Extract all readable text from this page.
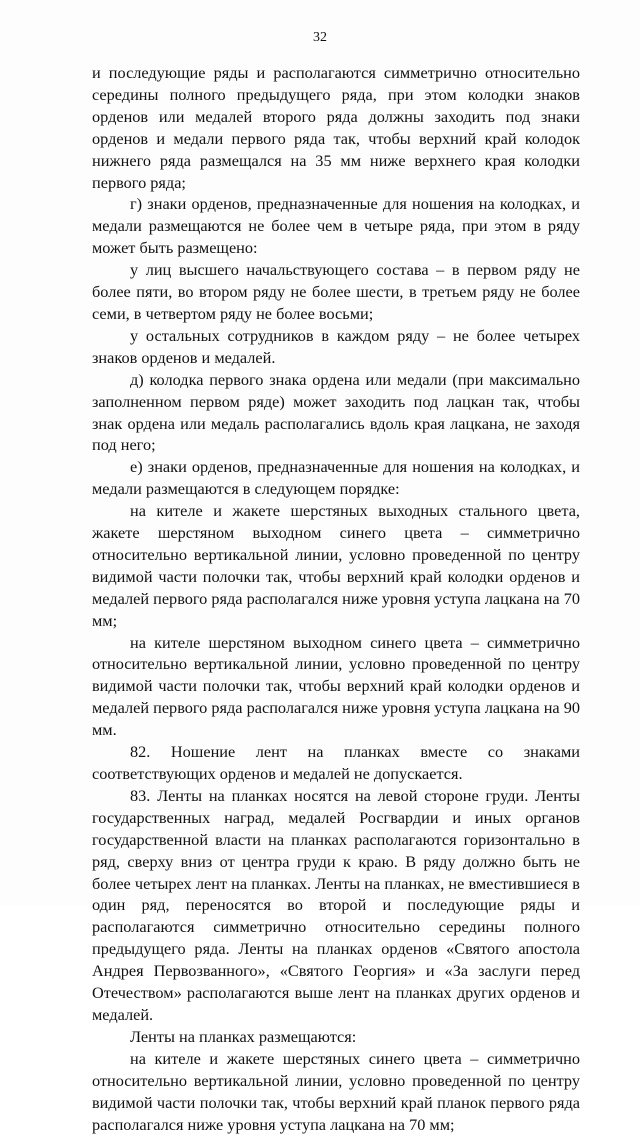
32

и последующие ряды и располагаются симметрично относительно середины полного предыдущего ряда, при этом колодки знаков орденов или медалей второго ряда должны заходить под знаки орденов и медали первого ряда так, чтобы верхний край колодок нижнего ряда размещался на 35 мм ниже верхнего края колодки первого ряда;

г) знаки орденов, предназначенные для ношения на колодках, и медали размещаются не более чем в четыре ряда, при этом в ряду может быть размещено:

у лиц высшего начальствующего состава – в первом ряду не более пяти, во втором ряду не более шести, в третьем ряду не более семи, в четвертом ряду не более восьми;

у остальных сотрудников в каждом ряду – не более четырех знаков орденов и медалей.

д) колодка первого знака ордена или медали (при максимально заполненном первом ряде) может заходить под лацкан так, чтобы знак ордена или медаль располагались вдоль края лацкана, не заходя под него;

е) знаки орденов, предназначенные для ношения на колодках, и медали размещаются в следующем порядке:

на кителе и жакете шерстяных выходных стального цвета, жакете шерстяном выходном синего цвета – симметрично относительно вертикальной линии, условно проведенной по центру видимой части полочки так, чтобы верхний край колодки орденов и медалей первого ряда располагался ниже уровня уступа лацкана на 70 мм;

на кителе шерстяном выходном синего цвета – симметрично относительно вертикальной линии, условно проведенной по центру видимой части полочки так, чтобы верхний край колодки орденов и медалей первого ряда располагался ниже уровня уступа лацкана на 90 мм.

82. Ношение лент на планках вместе со знаками соответствующих орденов и медалей не допускается.

83. Ленты на планках носятся на левой стороне груди. Ленты государственных наград, медалей Росгвардии и иных органов государственной власти на планках располагаются горизонтально в ряд, сверху вниз от центра груди к краю. В ряду должно быть не более четырех лент на планках. Ленты на планках, не вместившиеся в один ряд, переносятся во второй и последующие ряды и располагаются симметрично относительно середины полного предыдущего ряда. Ленты на планках орденов «Святого апостола Андрея Первозванного», «Святого Георгия» и «За заслуги перед Отечеством» располагаются выше лент на планках других орденов и медалей.

Ленты на планках размещаются:

на кителе и жакете шерстяных синего цвета – симметрично относительно вертикальной линии, условно проведенной по центру видимой части полочки так, чтобы верхний край планок первого ряда располагался ниже уровня уступа лацкана на 70 мм;
